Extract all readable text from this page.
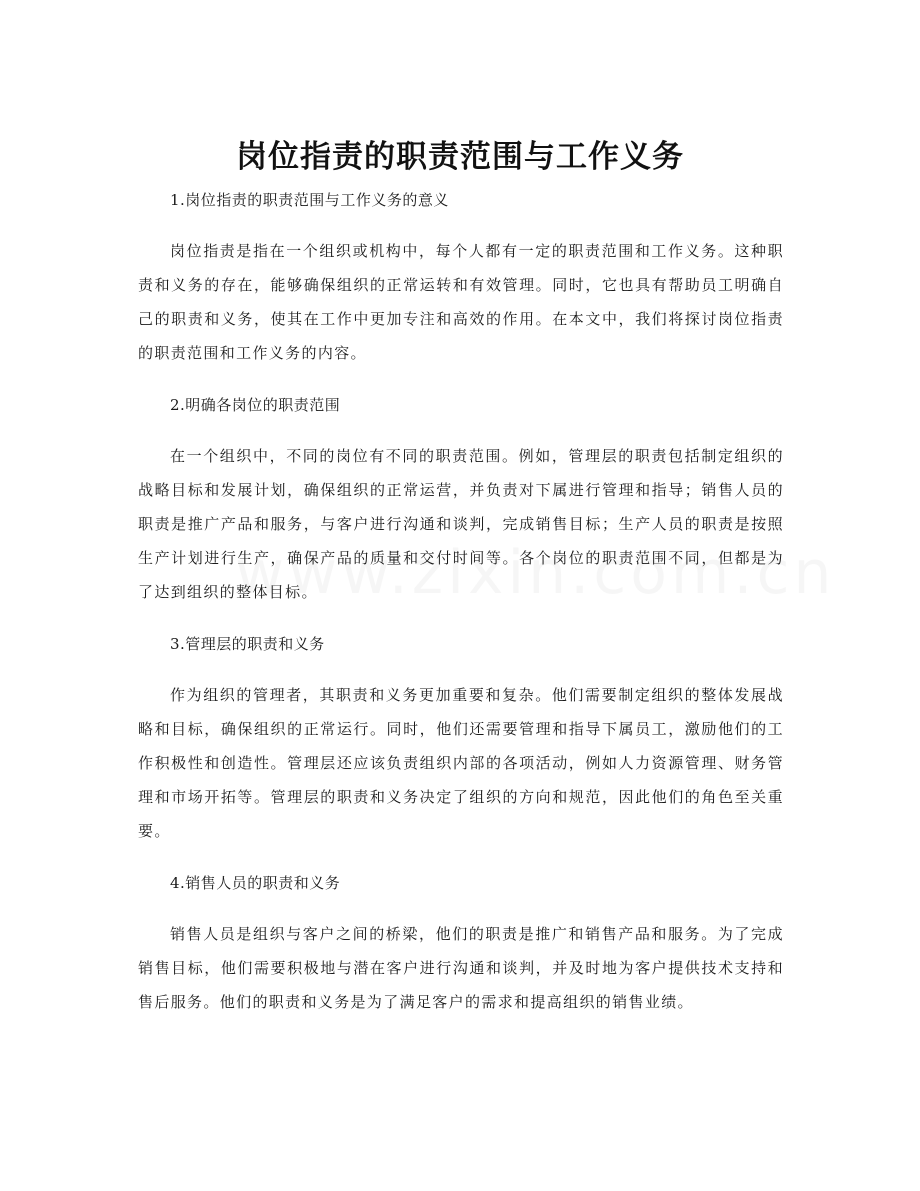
岗位指责的职责范围与工作义务

1.岗位指责的职责范围与工作义务的意义

岗位指责是指在一个组织或机构中，每个人都有一定的职责范围和工作义务。这种职责和义务的存在，能够确保组织的正常运转和有效管理。同时，它也具有帮助员工明确自己的职责和义务，使其在工作中更加专注和高效的作用。在本文中，我们将探讨岗位指责的职责范围和工作义务的内容。

2.明确各岗位的职责范围

在一个组织中，不同的岗位有不同的职责范围。例如，管理层的职责包括制定组织的战略目标和发展计划，确保组织的正常运营，并负责对下属进行管理和指导；销售人员的职责是推广产品和服务，与客户进行沟通和谈判，完成销售目标；生产人员的职责是按照生产计划进行生产，确保产品的质量和交付时间等。各个岗位的职责范围不同，但都是为了达到组织的整体目标。

3.管理层的职责和义务

作为组织的管理者，其职责和义务更加重要和复杂。他们需要制定组织的整体发展战略和目标，确保组织的正常运行。同时，他们还需要管理和指导下属员工，激励他们的工作积极性和创造性。管理层还应该负责组织内部的各项活动，例如人力资源管理、财务管理和市场开拓等。管理层的职责和义务决定了组织的方向和规范，因此他们的角色至关重要。

4.销售人员的职责和义务

销售人员是组织与客户之间的桥梁，他们的职责是推广和销售产品和服务。为了完成销售目标，他们需要积极地与潜在客户进行沟通和谈判，并及时地为客户提供技术支持和售后服务。他们的职责和义务是为了满足客户的需求和提高组织的销售业绩。
